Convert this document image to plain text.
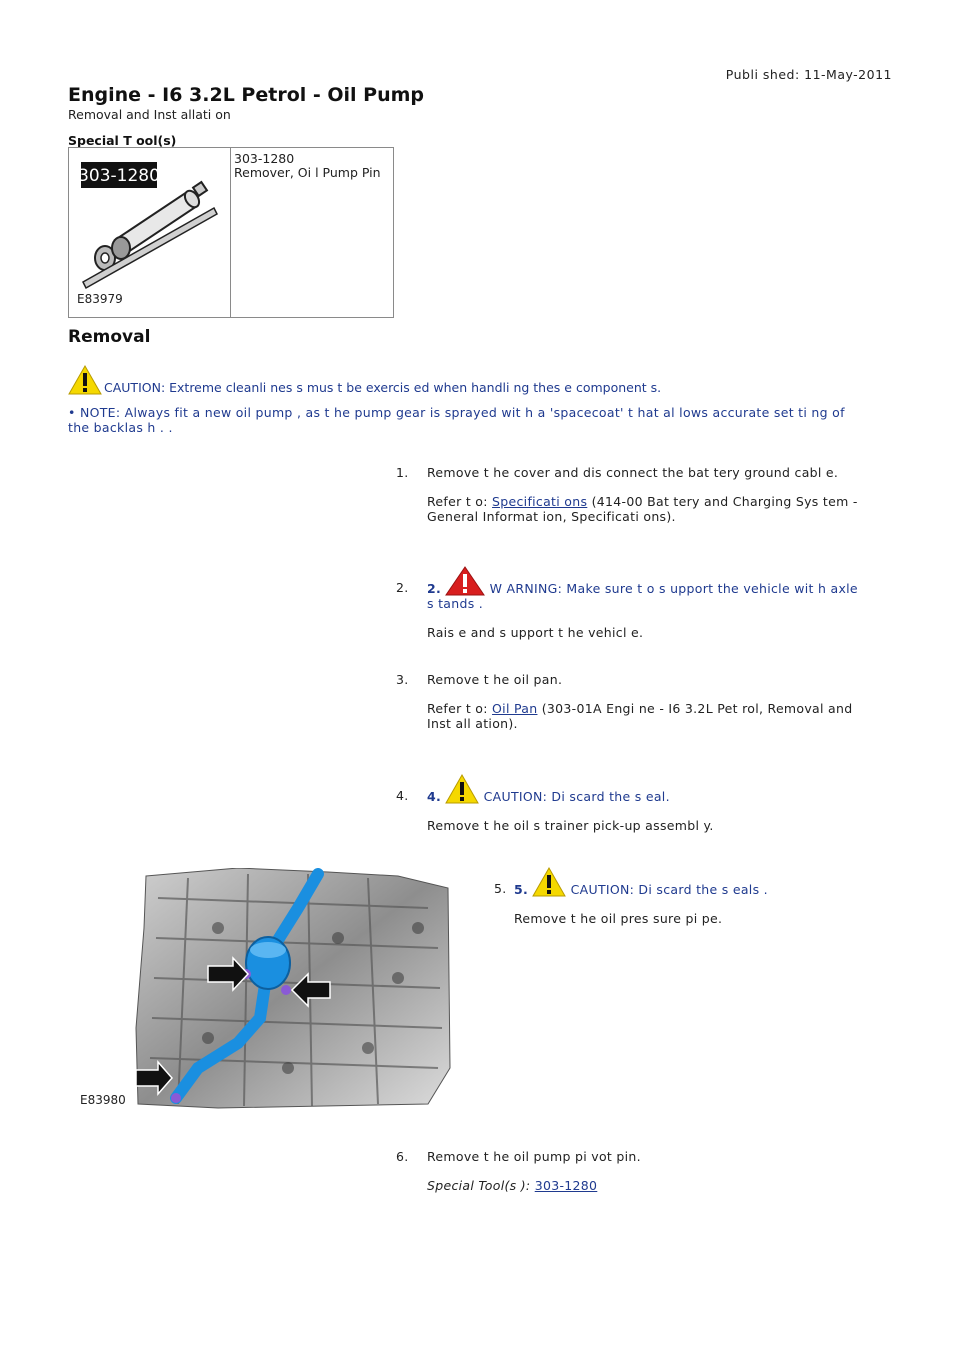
Publi shed: 11-May-2011
Engine - I6 3.2L Petrol - Oil Pump
Removal and Inst allati on
Special T ool(s)
303-1280
E83979

303-1280
Remover, Oi l Pump Pin
Removal
CAUTION: Extreme cleanli nes s mus t be exercis ed when handli ng thes e component s.
• NOTE: Always fit a new oil pump , as t he pump gear is sprayed wit h a 'spacecoat' t hat al lows accurate set ti ng of the backlas h . .
1. Remove t he cover and dis connect the bat tery ground cabl e.
Refer t o: Specificati ons (414-00 Bat tery and Charging Sys tem - General Informat ion, Specificati ons).
2. 2.	W ARNING: Make sure t o s upport the vehicle wit h axle s tands .
Rais e and s upport t he vehicl e.
3. Remove t he oil pan.
Refer t o: Oil Pan (303-01A Engi ne - I6 3.2L Pet rol, Removal and Inst all ation).
4. 4.	CAUTION: Di scard the s eal.
Remove t he oil s trainer pick-up assembl y.
E83980
5. 5.	CAUTION: Di scard the s eals .
Remove t he oil pres sure pi pe.
6. Remove t he oil pump pi vot pin.
Special Tool(s ): 303-1280
